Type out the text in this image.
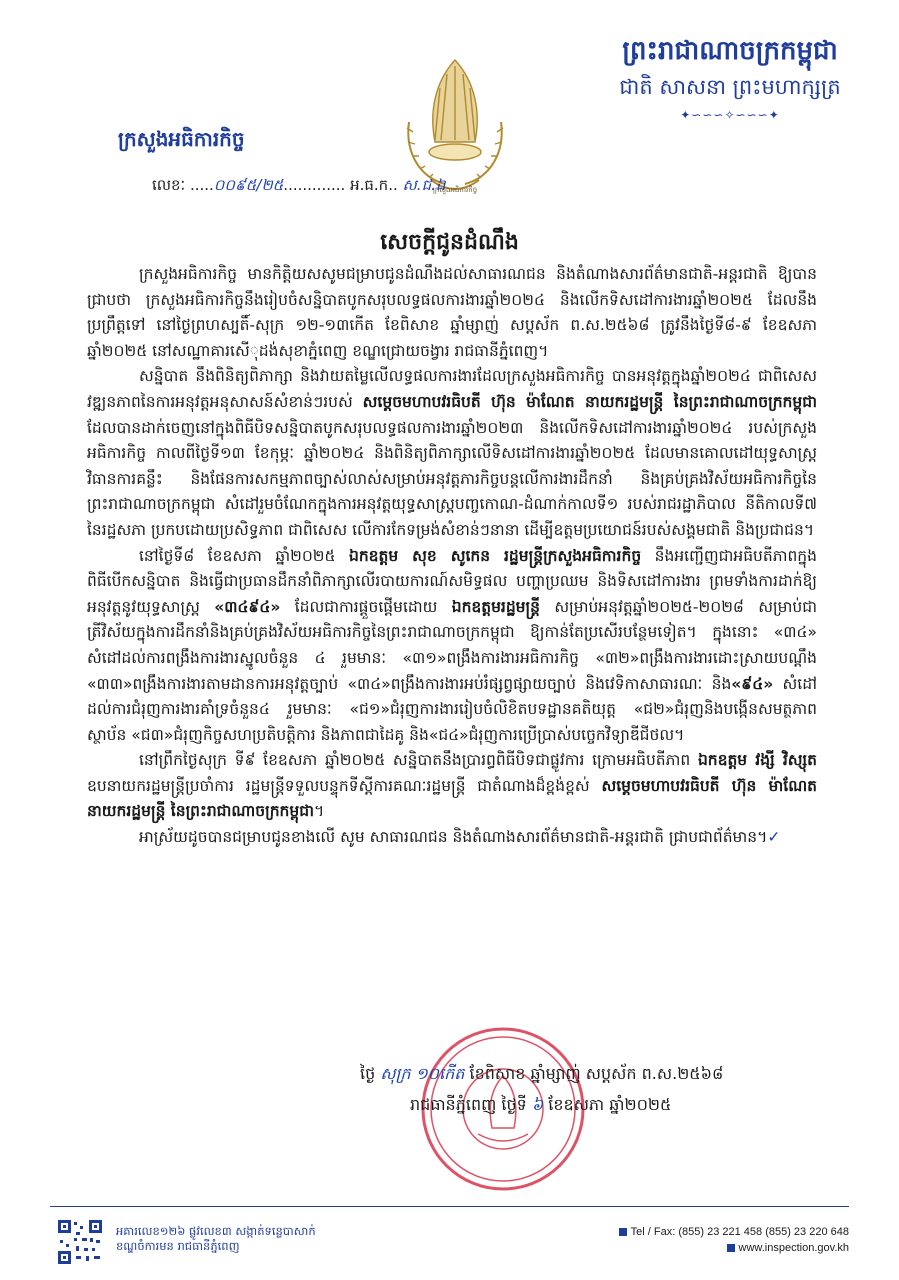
ព្រះរាជាណាចក្រកម្ពុជា
ជាតិ សាសនា ព្រះមហាក្សត្រ
✦∽∽∽✧∽∽∽✦
ក្រសួងអធិការកិច្ច
ក្រសួងអធិការកិច្ច
លេខៈ .....០០៩៥/២៥............. អ.ធ.ក.. ស.ជ.ឯ
សេចក្ដីជូនដំណឹង

ក្រសួងអធិការកិច្ច មានកិត្តិយសសូមជម្រាបជូនដំណឹងដល់សាធារណជន និងតំណាងសារព័ត៌មានជាតិ-អន្តរជាតិ ឱ្យបានជ្រាបថា ក្រសួងអធិការកិច្ចនឹងរៀបចំសន្និបាតបូកសរុបលទ្ធផលការងារឆ្នាំ២០២៤ និងលើកទិសដៅការងារឆ្នាំ២០២៥ ដែលនឹងប្រព្រឹត្តទៅ នៅថ្ងៃព្រហស្បតិ៍-សុក្រ ១២-១៣កើត ខែពិសាខ ឆ្នាំម្សាញ់ សប្តស័ក ព.ស.២៥៦៨ ត្រូវនឹងថ្ងៃទី៨-៩ ខែឧសភា ឆ្នាំ២០២៥ នៅសណ្ឋាគារសើុដង់សុខាភ្នំពេញ ខណ្ឌជ្រោយចង្វារ រាជធានីភ្នំពេញ។

សន្និបាត នឹងពិនិត្យពិភាក្សា និងវាយតម្លៃលើលទ្ធផលការងារដែលក្រសួងអធិការកិច្ច បានអនុវត្តក្នុងឆ្នាំ២០២៤ ជាពិសេសវឌ្ឍនភាពនៃការអនុវត្តអនុសាសន៍សំខាន់ៗរបស់ សម្ដេចមហាបវរធិបតី ហ៊ុន ម៉ាណែត នាយករដ្ឋមន្ត្រី នៃព្រះរាជាណាចក្រកម្ពុជា ដែលបានដាក់ចេញនៅក្នុងពិធីបិទសន្និបាតបូកសរុបលទ្ធផលការងារឆ្នាំ២០២៣ និងលើកទិសដៅការងារឆ្នាំ២០២៤ របស់ក្រសួងអធិការកិច្ច កាលពីថ្ងៃទី១៣ ខែកុម្ភៈ ឆ្នាំ២០២៤ និងពិនិត្យពិភាក្សាលើទិសដៅការងារឆ្នាំ២០២៥ ដែលមានគោលដៅយុទ្ធសាស្រ្ត វិធានការគន្លឹះ និងផែនការសកម្មភាពច្បាស់លាស់សម្រាប់អនុវត្តភារកិច្ចបន្តលើការងារដឹកនាំ និងគ្រប់គ្រងវិស័យអធិការកិច្ចនៃព្រះរាជាណាចក្រកម្ពុជា សំដៅរួមចំណែកក្នុងការអនុវត្តយុទ្ធសាស្រ្តបញ្ចកោណ-ដំណាក់កាលទី១ របស់រាជរដ្ឋាភិបាល នីតិកាលទី៧ នៃរដ្ឋសភា ប្រកបដោយប្រសិទ្ធភាព ជាពិសេស លើការកែទម្រង់សំខាន់ៗនានា ដើម្បីឧត្តមប្រយោជន៍របស់សង្គមជាតិ និងប្រជាជន។

នៅថ្ងៃទី៨ ខែឧសភា ឆ្នាំ២០២៥ ឯកឧត្តម សុខ សូកេន រដ្ឋមន្ត្រីក្រសួងអធិការកិច្ច នឹងអញ្ជើញជាអធិបតីភាពក្នុងពិធីបើកសន្និបាត និងធ្វើជាប្រធានដឹកនាំពិភាក្សាលើរបាយការណ៍សមិទ្ធផល បញ្ហាប្រឈម និងទិសដៅការងារ ព្រមទាំងការដាក់ឱ្យអនុវត្តនូវយុទ្ធសាស្រ្ត «៣៤៩៤» ដែលជាការផ្ដួចផ្ដើមដោយ ឯកឧត្តមរដ្ឋមន្ត្រី សម្រាប់អនុវត្តឆ្នាំ២០២៥-២០២៨ សម្រាប់ជាត្រីវិស័យក្នុងការដឹកនាំនិងគ្រប់គ្រងវិស័យអធិការកិច្ចនៃព្រះរាជាណាចក្រកម្ពុជា ឱ្យកាន់តែប្រសើរបន្ថែមទៀត។ ក្នុងនោះ «៣៤» សំដៅដល់ការពង្រឹងការងារស្នូលចំនួន ៤ រួមមានៈ «៣១»ពង្រឹងការងារអធិការកិច្ច «៣២»ពង្រឹងការងារដោះស្រាយបណ្ដឹង «៣៣»ពង្រឹងការងារតាមដានការអនុវត្តច្បាប់ «៣៤»ពង្រឹងការងារអប់រំផ្សព្វផ្សាយច្បាប់ និងវេទិកាសាធារណៈ និង«៩៤» សំដៅដល់ការជំរុញការងារគាំទ្រចំនួន៤ រួមមានៈ «ជ១»ជំរុញការងាររៀបចំលិខិតបទដ្ឋានគតិយុត្ត «ជ២»ជំរុញនិងបង្កើនសមត្ថភាពស្ថាប័ន «ជ៣»ជំរុញកិច្ចសហប្រតិបត្តិការ និងភាពជាដៃគូ និង«ជ៤»ជំរុញការប្រើប្រាស់បច្ចេកវិទ្យាឌីជីថល។

នៅព្រឹកថ្ងៃសុក្រ ទី៩ ខែឧសភា ឆ្នាំ២០២៥ សន្និបាតនឹងប្រារព្ធពិធីបិទជាផ្លូវការ ក្រោមអធិបតីភាព ឯកឧត្តម វង្សី វិស្សុត ឧបនាយករដ្ឋមន្ត្រីប្រចាំការ រដ្ឋមន្ត្រីទទួលបន្ទុកទីស្តីការគណៈរដ្ឋមន្ត្រី ជាតំណាងដ៏ខ្ពង់ខ្ពស់ សម្ដេចមហាបវរធិបតី ហ៊ុន ម៉ាណែត នាយករដ្ឋមន្ត្រី នៃព្រះរាជាណាចក្រកម្ពុជា។

អាស្រ័យដូចបានជម្រាបជូនខាងលើ សូម សាធារណជន និងតំណាងសារព័ត៌មានជាតិ-អន្តរជាតិ ជ្រាបជាព័ត៌មាន។✓

ថ្ងៃ សុក្រ ១០កើត ខែពិសាខ ឆ្នាំម្សាញ់ សប្តស័ក ព.ស.២៥៦៨
រាជធានីភ្នំពេញ ថ្ងៃទី ៦ ខែឧសភា ឆ្នាំ២០២៥
អគារលេខ១២៦ ផ្លូវលេខ៣ សង្កាត់ទន្លេបាសាក់
ខណ្ឌចំការមន រាជធានីភ្នំពេញ
Tel / Fax: (855) 23 221 458 (855) 23 220 648
www.inspection.gov.kh
